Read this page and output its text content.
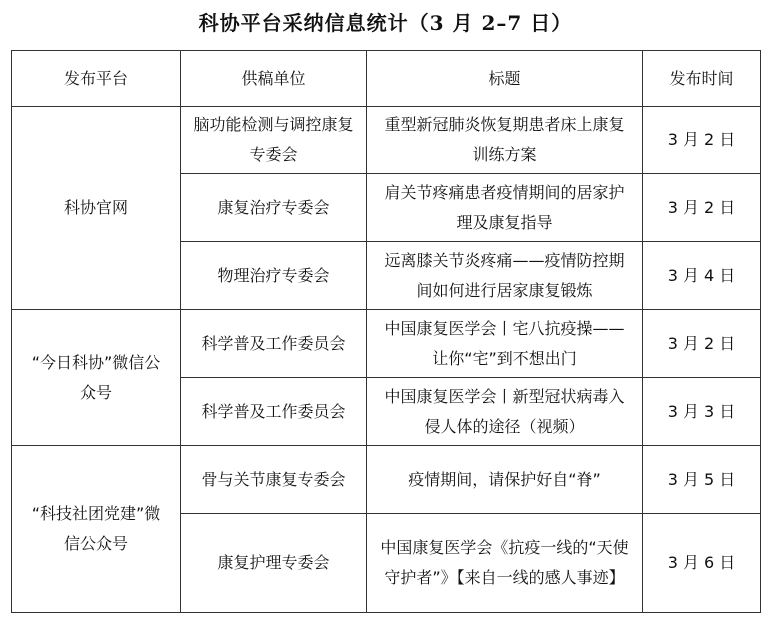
科协平台采纳信息统计（3 月 2–7 日）
发布平台	供稿单位	标题	发布时间

科协官网	脑功能检测与调控康复专委会	重型新冠肺炎恢复期患者床上康复训练方案	3 月 2 日
	康复治疗专委会	肩关节疼痛患者疫情期间的居家护理及康复指导	3 月 2 日
	物理治疗专委会	远离膝关节炎疼痛——疫情防控期间如何进行居家康复锻炼	3 月 4 日

“今日科协”微信公众号	科学普及工作委员会	中国康复医学会丨宅八抗疫操——让你“宅”到不想出门	3 月 2 日
	科学普及工作委员会	中国康复医学会丨新型冠状病毒入侵人体的途径（视频）	3 月 3 日

“科技社团党建”微信公众号	骨与关节康复专委会	疫情期间，请保护好自“脊”	3 月 5 日
	康复护理专委会	中国康复医学会《抗疫一线的“天使守护者”》【来自一线的感人事迹】	3 月 6 日
